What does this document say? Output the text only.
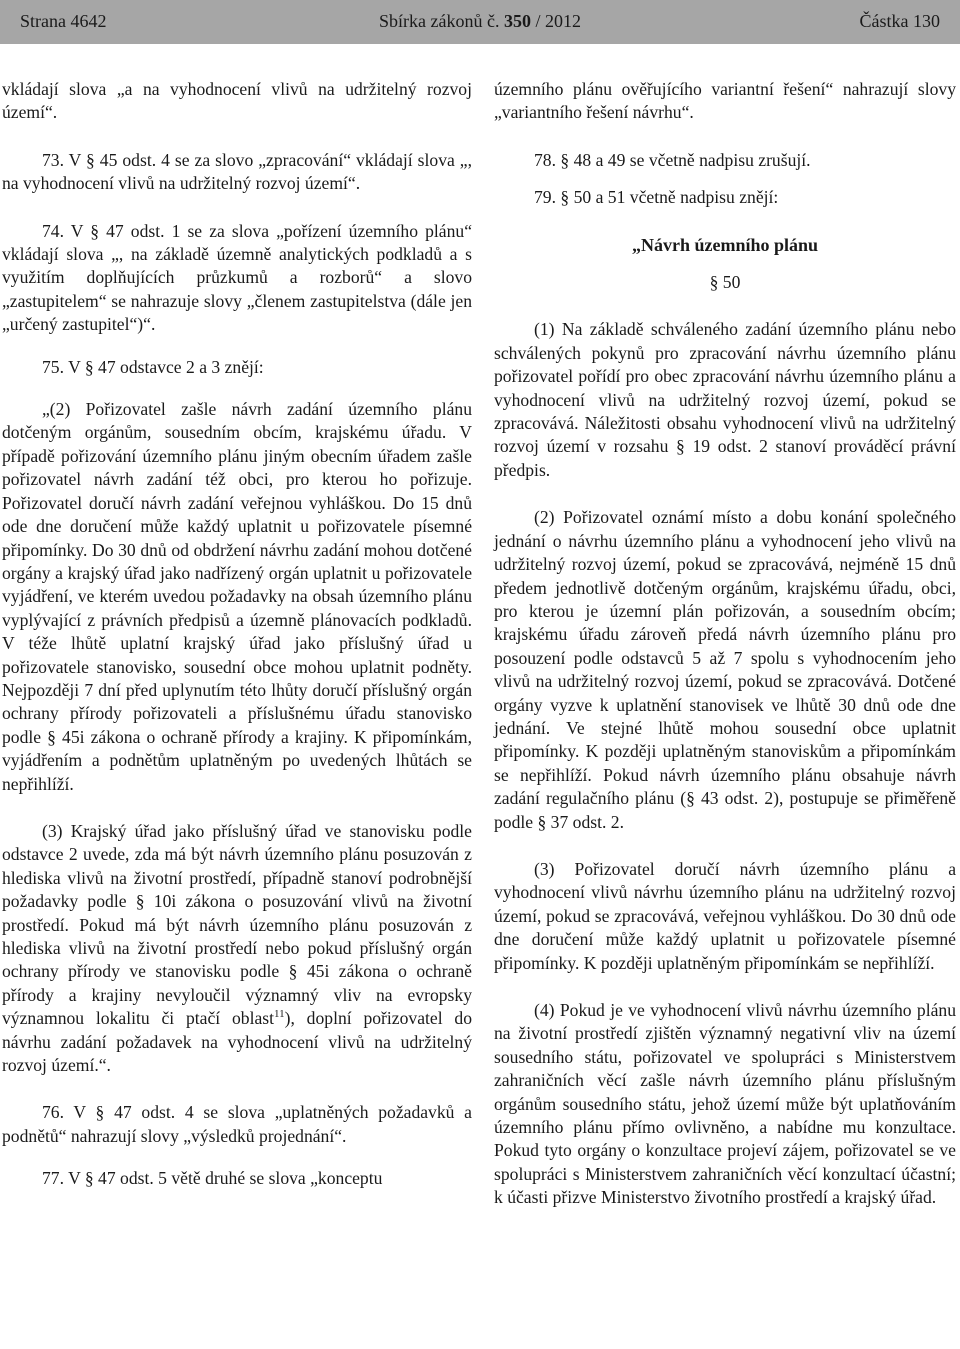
Strana 4642	Sbírka zákonů č. 350 / 2012	Částka 130

vkládají slova „a na vyhodnocení vlivů na udržitelný rozvoj území“.

73. V § 45 odst. 4 se za slovo „zpracování“ vkládají slova „, na vyhodnocení vlivů na udržitelný rozvoj území“.

74. V § 47 odst. 1 se za slova „pořízení územního plánu“ vkládají slova „, na základě územně analytických podkladů a s využitím doplňujících průzkumů a rozborů“ a slovo „zastupitelem“ se nahrazuje slovy „členem zastupitelstva (dále jen „určený zastupitel“)“.

75. V § 47 odstavce 2 a 3 znějí:

„(2) Pořizovatel zašle návrh zadání územního plánu dotčeným orgánům, sousedním obcím, krajskému úřadu. V případě pořizování územního plánu jiným obecním úřadem zašle pořizovatel návrh zadání též obci, pro kterou ho pořizuje. Pořizovatel doručí návrh zadání veřejnou vyhláškou. Do 15 dnů ode dne doručení může každý uplatnit u pořizovatele písemné připomínky. Do 30 dnů od obdržení návrhu zadání mohou dotčené orgány a krajský úřad jako nadřízený orgán uplatnit u pořizovatele vyjádření, ve kterém uvedou požadavky na obsah územního plánu vyplývající z právních předpisů a územně plánovacích podkladů. V téže lhůtě uplatní krajský úřad jako příslušný úřad u pořizovatele stanovisko, sousední obce mohou uplatnit podněty. Nejpozději 7 dní před uplynutím této lhůty doručí příslušný orgán ochrany přírody pořizovateli a příslušnému úřadu stanovisko podle § 45i zákona o ochraně přírody a krajiny. K připomínkám, vyjádřením a podnětům uplatněným po uvedených lhůtách se nepřihlíží.

(3) Krajský úřad jako příslušný úřad ve stanovisku podle odstavce 2 uvede, zda má být návrh územního plánu posuzován z hlediska vlivů na životní prostředí, případně stanoví podrobnější požadavky podle § 10i zákona o posuzování vlivů na životní prostředí. Pokud má být návrh územního plánu posuzován z hlediska vlivů na životní prostředí nebo pokud příslušný orgán ochrany přírody ve stanovisku podle § 45i zákona o ochraně přírody a krajiny nevyloučil významný vliv na evropsky významnou lokalitu či ptačí oblast$^{11}$), doplní pořizovatel do návrhu zadání požadavek na vyhodnocení vlivů na udržitelný rozvoj území.“.

76. V § 47 odst. 4 se slova „uplatněných požadavků a podnětů“ nahrazují slovy „výsledků projednání“.

77. V § 47 odst. 5 větě druhé se slova „konceptu

územního plánu ověřujícího variantní řešení“ nahrazují slovy „variantního řešení návrhu“.

78. § 48 a 49 se včetně nadpisu zrušují.

79. § 50 a 51 včetně nadpisu znějí:

„Návrh územního plánu

§ 50

(1) Na základě schváleného zadání územního plánu nebo schválených pokynů pro zpracování návrhu územního plánu pořizovatel pořídí pro obec zpracování návrhu územního plánu a vyhodnocení vlivů na udržitelný rozvoj území, pokud se zpracovává. Náležitosti obsahu vyhodnocení vlivů na udržitelný rozvoj území v rozsahu § 19 odst. 2 stanoví prováděcí právní předpis.

(2) Pořizovatel oznámí místo a dobu konání společného jednání o návrhu územního plánu a vyhodnocení jeho vlivů na udržitelný rozvoj území, pokud se zpracovává, nejméně 15 dnů předem jednotlivě dotčeným orgánům, krajskému úřadu, obci, pro kterou je územní plán pořizován, a sousedním obcím; krajskému úřadu zároveň předá návrh územního plánu pro posouzení podle odstavců 5 až 7 spolu s vyhodnocením jeho vlivů na udržitelný rozvoj území, pokud se zpracovává. Dotčené orgány vyzve k uplatnění stanovisek ve lhůtě 30 dnů ode dne jednání. Ve stejné lhůtě mohou sousední obce uplatnit připomínky. K později uplatněným stanoviskům a připomínkám se nepřihlíží. Pokud návrh územního plánu obsahuje návrh zadání regulačního plánu (§ 43 odst. 2), postupuje se přiměřeně podle § 37 odst. 2.

(3) Pořizovatel doručí návrh územního plánu a vyhodnocení vlivů návrhu územního plánu na udržitelný rozvoj území, pokud se zpracovává, veřejnou vyhláškou. Do 30 dnů ode dne doručení může každý uplatnit u pořizovatele písemné připomínky. K později uplatněným připomínkám se nepřihlíží.

(4) Pokud je ve vyhodnocení vlivů návrhu územního plánu na životní prostředí zjištěn významný negativní vliv na území sousedního státu, pořizovatel ve spolupráci s Ministerstvem zahraničních věcí zašle návrh územního plánu příslušným orgánům sousedního státu, jehož území může být uplatňováním územního plánu přímo ovlivněno, a nabídne mu konzultace. Pokud tyto orgány o konzultace projeví zájem, pořizovatel se ve spolupráci s Ministerstvem zahraničních věcí konzultací účastní; k účasti přizve Ministerstvo životního prostředí a krajský úřad.
